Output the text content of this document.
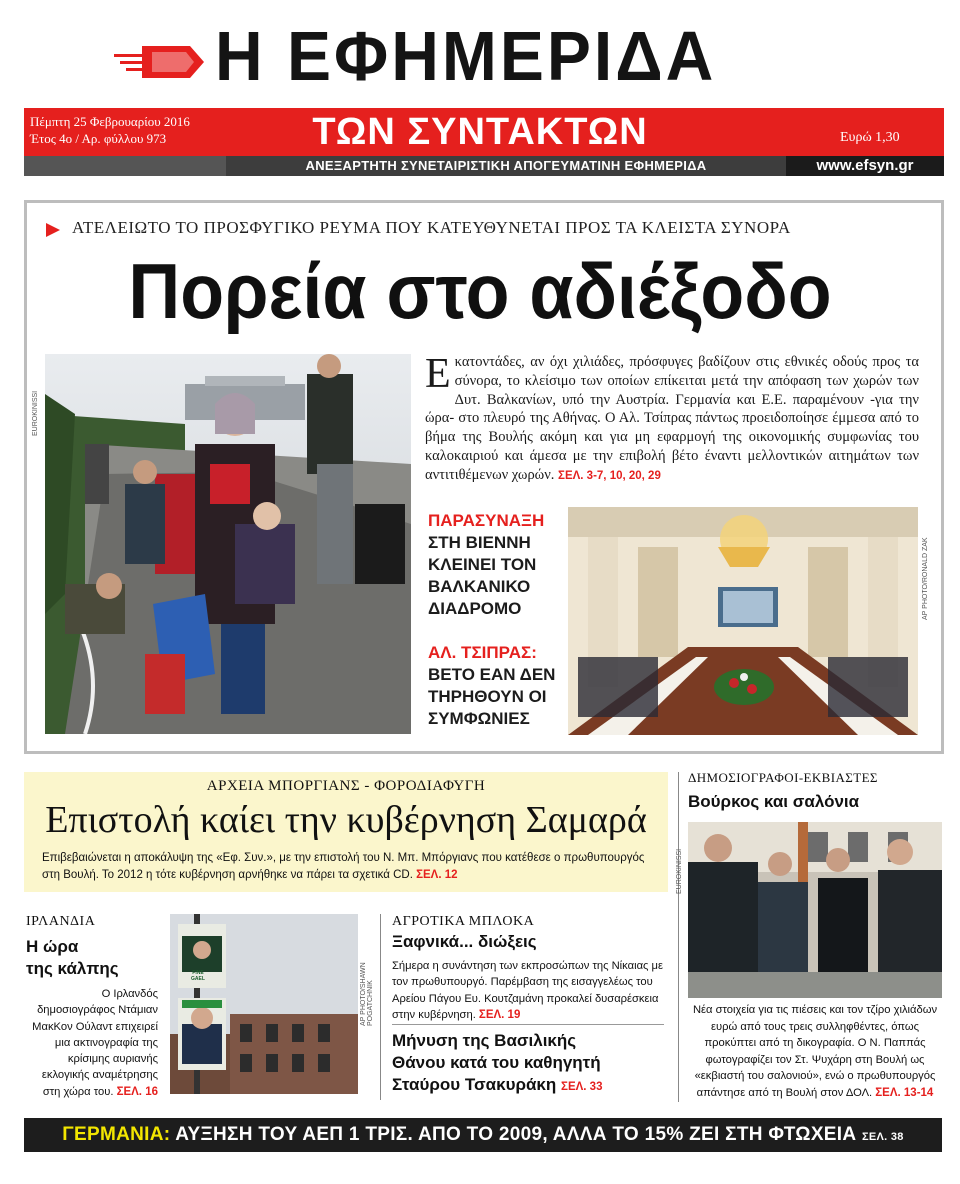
Η ΕΦΗΜΕΡΙΔΑ
Πέμπτη 25 Φεβρουαρίου 2016
Έτος 4ο / Αρ. φύλλου 973	ΤΩΝ ΣΥΝΤΑΚΤΩΝ	Ευρώ 1,30
ΑΝΕΞΑΡΤΗΤΗ ΣΥΝΕΤΑΙΡΙΣΤΙΚΗ ΑΠΟΓΕΥΜΑΤΙΝΗ ΕΦΗΜΕΡΙΔΑ	www.efsyn.gr
ΑΤΕΛΕΙΩΤΟ ΤΟ ΠΡΟΣΦΥΓΙΚΟ ΡΕΥΜΑ ΠΟΥ ΚΑΤΕΥΘΥΝΕΤΑΙ ΠΡΟΣ ΤΑ ΚΛΕΙΣΤΑ ΣΥΝΟΡΑ
Πορεία στο αδιέξοδο
EUROKINISSI
Εκατοντάδες, αν όχι χιλιάδες, πρόσφυγες βαδίζουν στις εθνικές οδούς προς τα σύνορα, το κλείσιμο των οποίων επίκειται μετά την απόφαση των χωρών των Δυτ. Βαλκανίων, υπό την Αυστρία. Γερμανία και Ε.Ε. παραμένουν -για την ώρα- στο πλευρό της Αθήνας. Ο Αλ. Τσίπρας πάντως προειδοποίησε έμμεσα από το βήμα της Βουλής ακόμη και για μη εφαρμογή της οικονομικής συμφωνίας του καλοκαιριού και άμεσα με την επιβολή βέτο έναντι μελλοντικών αιτημάτων των αντιτιθέμενων χωρών. ΣΕΛ. 3-7, 10, 20, 29
ΠΑΡΑΣΥΝΑΞΗ
ΣΤΗ ΒΙΕΝΝΗ
ΚΛΕΙΝΕΙ ΤΟΝ
ΒΑΛΚΑΝΙΚΟ
ΔΙΑΔΡΟΜΟ
ΑΛ. ΤΣΙΠΡΑΣ:
ΒΕΤΟ ΕΑΝ ΔΕΝ
ΤΗΡΗΘΟΥΝ ΟΙ
ΣΥΜΦΩΝΙΕΣ
AP PHOTO/RONALD ZAK
ΑΡΧΕΙΑ ΜΠΟΡΓΙΑΝΣ - ΦΟΡΟΔΙΑΦΥΓΗ
Επιστολή καίει την κυβέρνηση Σαμαρά
Επιβεβαιώνεται η αποκάλυψη της «Εφ. Συν.», με την επιστολή του Ν. Μπ. Μπόργιανς που κατέθεσε ο πρωθυπουργός στη Βουλή. Το 2012 η τότε κυβέρνηση αρνήθηκε να πάρει τα σχετικά CD. ΣΕΛ. 12
ΔΗΜΟΣΙΟΓΡΑΦΟΙ-ΕΚΒΙΑΣΤΕΣ
Βούρκος και σαλόνια
EUROKINISSI
Νέα στοιχεία για τις πιέσεις και τον τζίρο χιλιάδων ευρώ από τους τρεις συλληφθέντες, όπως προκύπτει από τη δικογραφία. Ο Ν. Παππάς φωτογραφίζει τον Στ. Ψυχάρη στη Βουλή ως «εκβιαστή του σαλονιού», ενώ ο πρωθυπουργός απάντησε από τη Βουλή στον ΔΟΛ. ΣΕΛ. 13-14
ΙΡΛΑΝΔΙΑ
Η ώρα
της κάλπης
Ο Ιρλανδός δημοσιογράφος Ντάμιαν ΜακΚον Ούλαντ επιχειρεί μια ακτινογραφία της κρίσιμης αυριανής εκλογικής αναμέτρησης στη χώρα του. ΣΕΛ. 16
FINE GAEL	AP PHOTO/SHAWN POGATCHNIK
ΑΓΡΟΤΙΚΑ ΜΠΛΟΚΑ
Ξαφνικά... διώξεις
Σήμερα η συνάντηση των εκπροσώπων της Νίκαιας με τον πρωθυπουργό. Παρέμβαση της εισαγγελέως του Αρείου Πάγου Ευ. Κουτζαμάνη προκαλεί δυσαρέσκεια στην κυβέρνηση. ΣΕΛ. 19
Μήνυση της Βασιλικής
Θάνου κατά του καθηγητή
Σταύρου Τσακυράκη ΣΕΛ. 33
ΓΕΡΜΑΝΙΑ: ΑΥΞΗΣΗ ΤΟΥ ΑΕΠ 1 ΤΡΙΣ. ΑΠΟ ΤΟ 2009, ΑΛΛΑ ΤΟ 15% ΖΕΙ ΣΤΗ ΦΤΩΧΕΙΑ ΣΕΛ. 38
